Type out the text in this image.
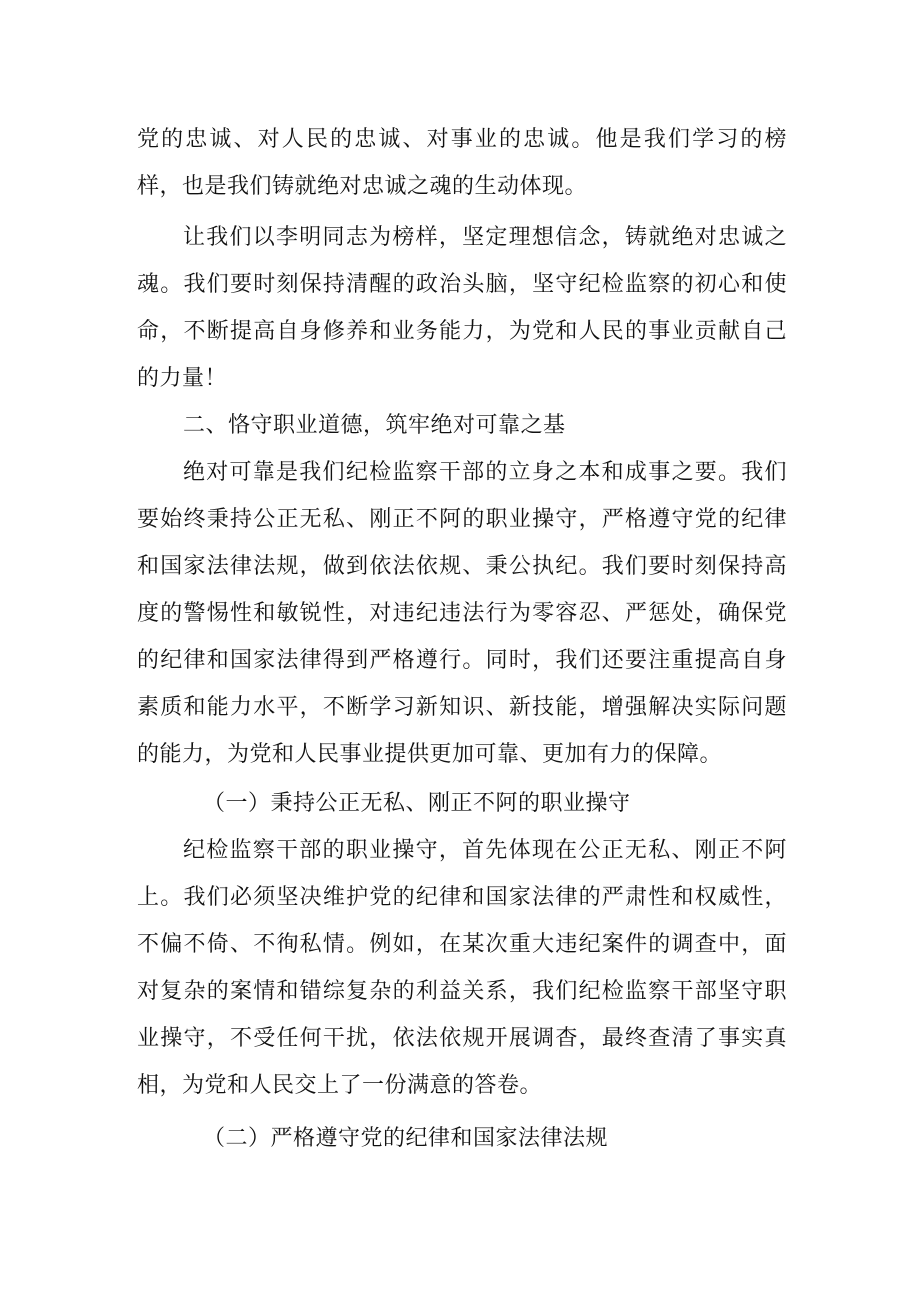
党的忠诚、对人民的忠诚、对事业的忠诚。他是我们学习的榜样，也是我们铸就绝对忠诚之魂的生动体现。

让我们以李明同志为榜样，坚定理想信念，铸就绝对忠诚之魂。我们要时刻保持清醒的政治头脑，坚守纪检监察的初心和使命，不断提高自身修养和业务能力，为党和人民的事业贡献自己的力量！

二、恪守职业道德，筑牢绝对可靠之基

绝对可靠是我们纪检监察干部的立身之本和成事之要。我们要始终秉持公正无私、刚正不阿的职业操守，严格遵守党的纪律和国家法律法规，做到依法依规、秉公执纪。我们要时刻保持高度的警惕性和敏锐性，对违纪违法行为零容忍、严惩处，确保党的纪律和国家法律得到严格遵行。同时，我们还要注重提高自身素质和能力水平，不断学习新知识、新技能，增强解决实际问题的能力，为党和人民事业提供更加可靠、更加有力的保障。

（一）秉持公正无私、刚正不阿的职业操守

纪检监察干部的职业操守，首先体现在公正无私、刚正不阿上。我们必须坚决维护党的纪律和国家法律的严肃性和权威性，不偏不倚、不徇私情。例如，在某次重大违纪案件的调查中，面对复杂的案情和错综复杂的利益关系，我们纪检监察干部坚守职业操守，不受任何干扰，依法依规开展调杳，最终查清了事实真相，为党和人民交上了一份满意的答卷。

（二）严格遵守党的纪律和国家法律法规
